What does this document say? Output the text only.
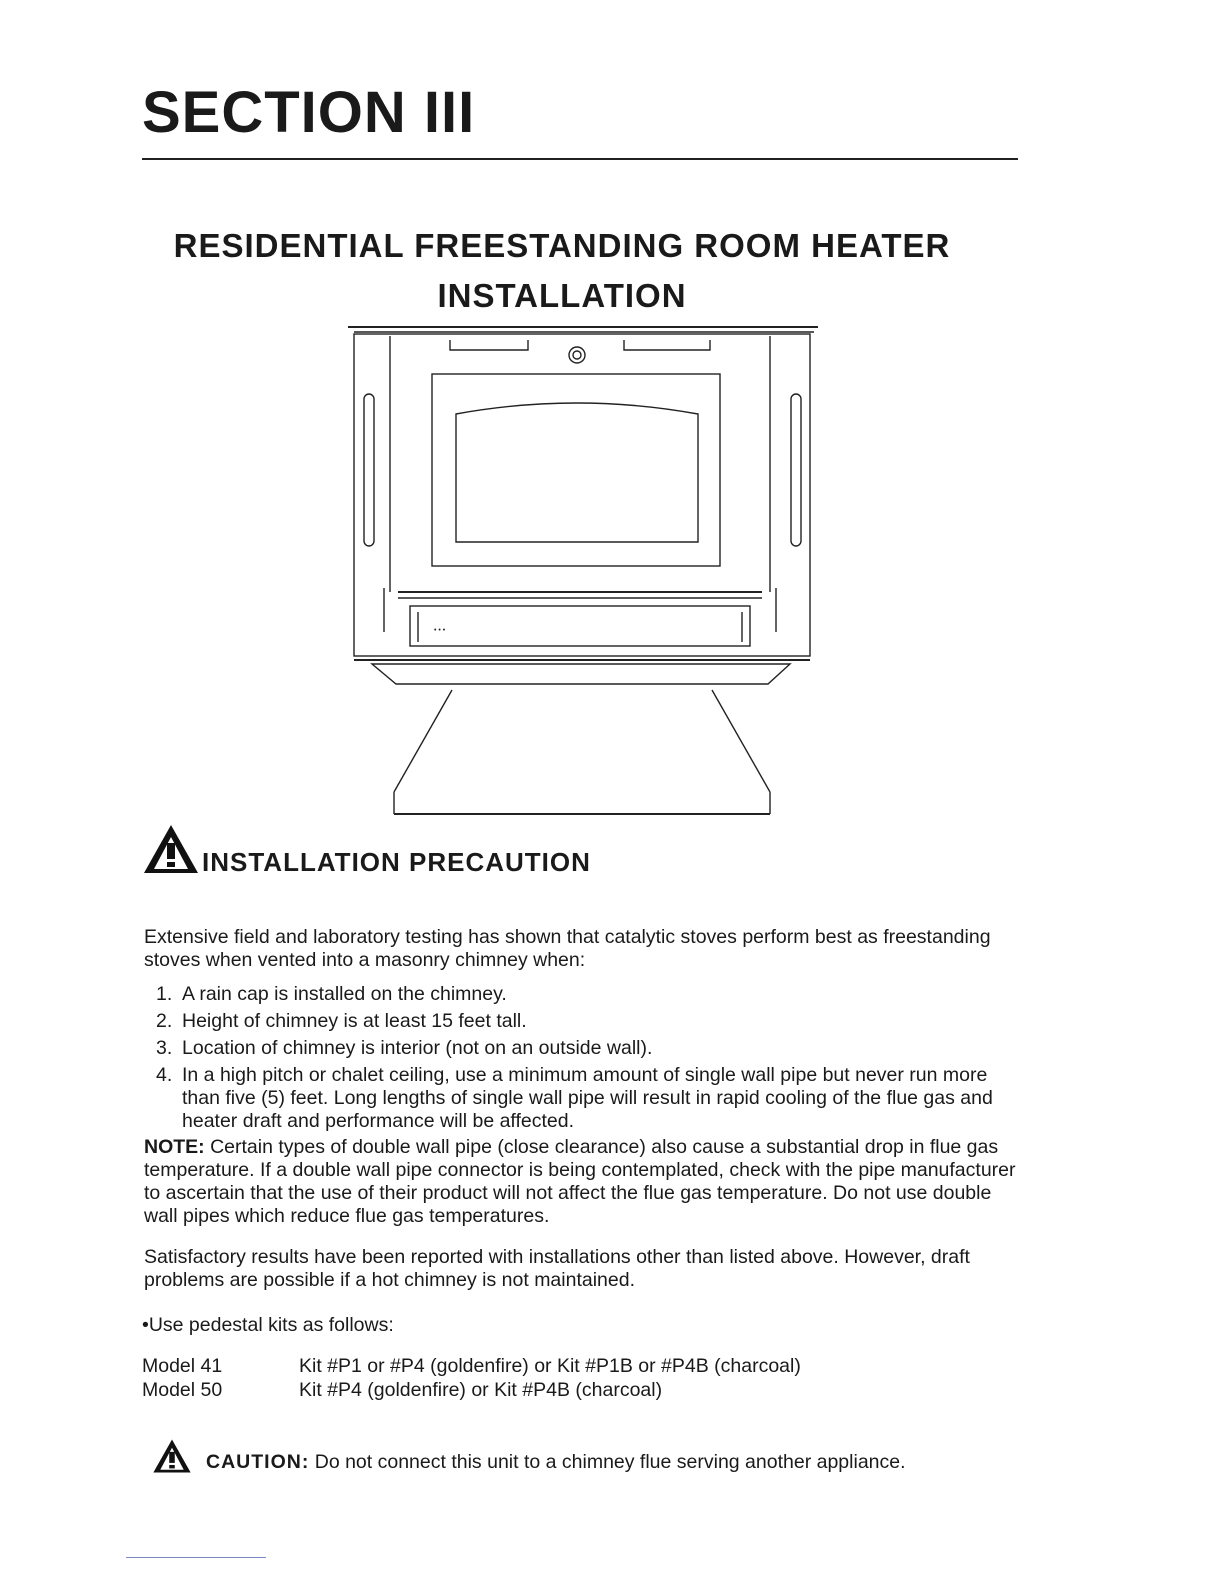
SECTION III
RESIDENTIAL FREESTANDING ROOM HEATER
INSTALLATION
• • •
INSTALLATION PRECAUTION
Extensive field and laboratory testing has shown that catalytic stoves perform best as freestanding stoves when vented into a masonry chimney when:
1. A rain cap is installed on the chimney.
2. Height of chimney is at least 15 feet tall.
3. Location of chimney is interior (not on an outside wall).
4. In a high pitch or chalet ceiling, use a minimum amount of single wall pipe but never run more than five (5) feet. Long lengths of single wall pipe will result in rapid cooling of the flue gas and heater draft and performance will be affected.
NOTE: Certain types of double wall pipe (close clearance) also cause a substantial drop in flue gas temperature. If a double wall pipe connector is being contemplated, check with the pipe manufacturer to ascertain that the use of their product will not affect the flue gas temperature. Do not use double wall pipes which reduce flue gas temperatures.
Satisfactory results have been reported with installations other than listed above. However, draft problems are possible if a hot chimney is not maintained.
•Use pedestal kits as follows:
Model 41	Kit #P1 or #P4 (goldenfire) or Kit #P1B or #P4B (charcoal)
Model 50	Kit #P4 (goldenfire) or Kit #P4B (charcoal)
CAUTION: Do not connect this unit to a chimney flue serving another appliance.
